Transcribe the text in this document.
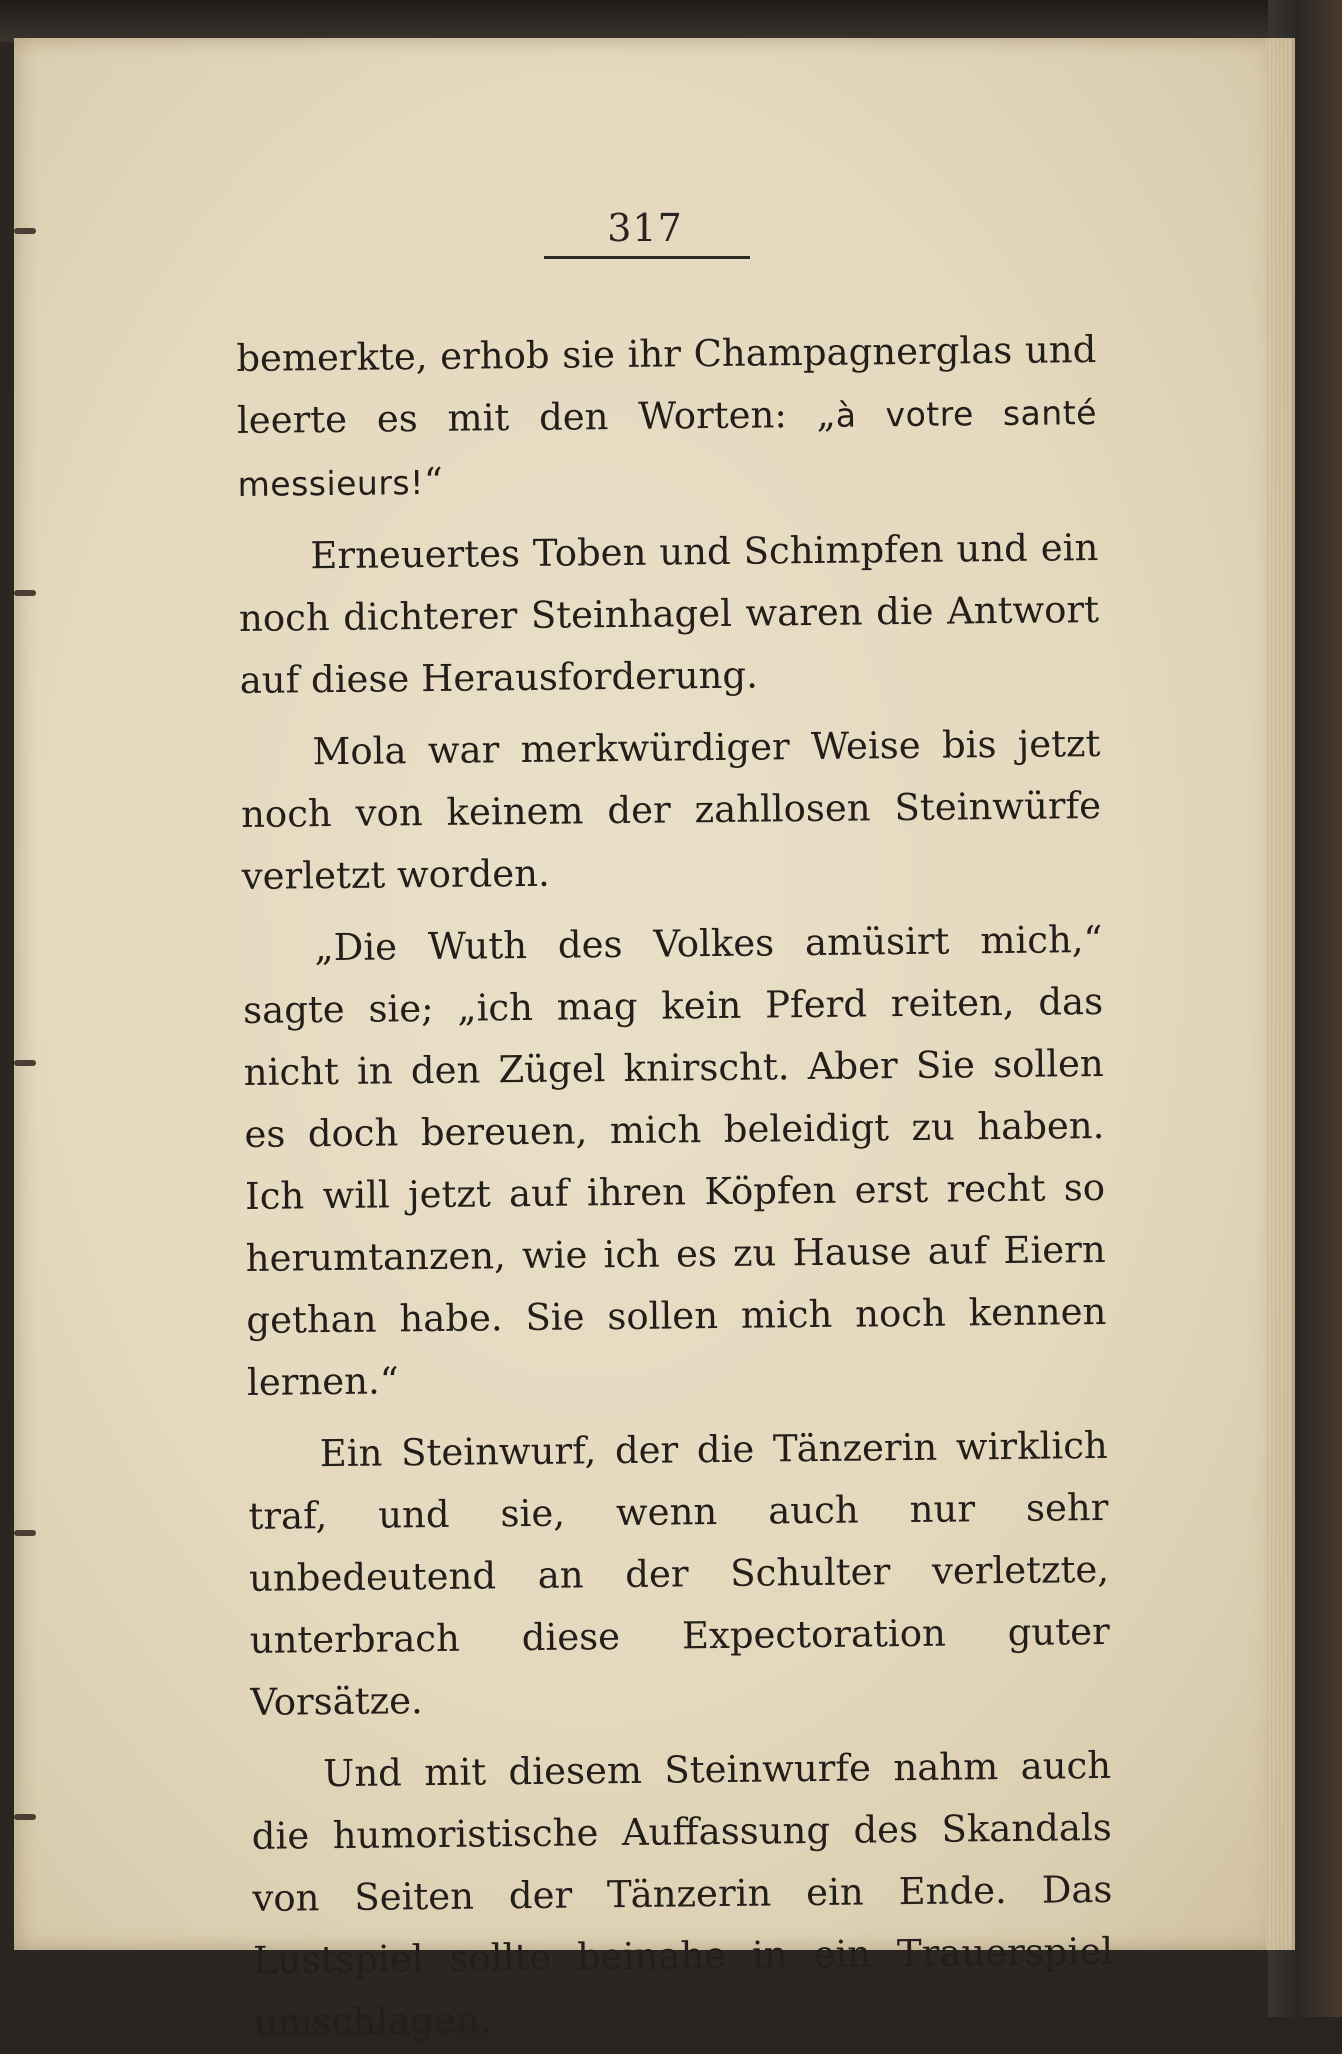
317

bemerkte, erhob sie ihr Champagnerglas und leerte es mit den Worten: „à votre santé messieurs!“

Erneuertes Toben und Schimpfen und ein noch dichterer Steinhagel waren die Antwort auf diese Herausforderung.

Mola war merkwürdiger Weise bis jetzt noch von keinem der zahllosen Steinwürfe verletzt worden.

„Die Wuth des Volkes amüsirt mich,“ sagte sie; „ich mag kein Pferd reiten, das nicht in den Zügel knirscht. Aber Sie sollen es doch bereuen, mich beleidigt zu haben. Ich will jetzt auf ihren Köpfen erst recht so herumtanzen, wie ich es zu Hause auf Eiern gethan habe. Sie sollen mich noch kennen lernen.“

Ein Steinwurf, der die Tänzerin wirklich traf, und sie, wenn auch nur sehr unbedeutend an der Schulter verletzte, unterbrach diese Expectoration guter Vorsätze.

Und mit diesem Steinwurfe nahm auch die humoristische Auffassung des Skandals von Seiten der Tänzerin ein Ende. Das Lustspiel sollte beinahe in ein Trauerspiel umschlagen.
